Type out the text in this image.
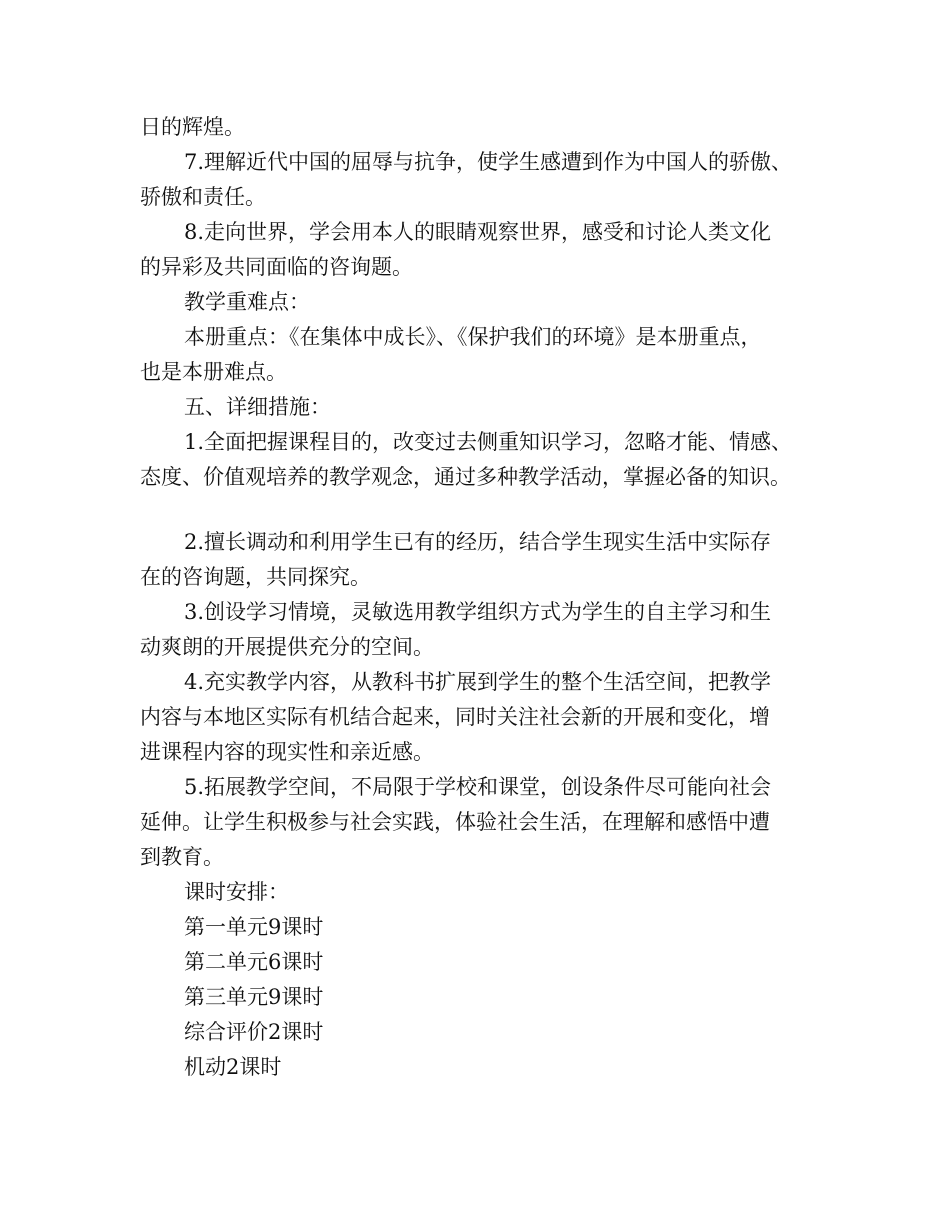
日的辉煌。
7.理解近代中国的屈辱与抗争，使学生感遭到作为中国人的骄傲、
骄傲和责任。
8.走向世界，学会用本人的眼睛观察世界，感受和讨论人类文化
的异彩及共同面临的咨询题。
教学重难点：
本册重点：《在集体中成长》、《保护我们的环境》是本册重点，
也是本册难点。
五、详细措施：
1.全面把握课程目的，改变过去侧重知识学习，忽略才能、情感、
态度、价值观培养的教学观念，通过多种教学活动，掌握必备的知识。
2.擅长调动和利用学生已有的经历，结合学生现实生活中实际存
在的咨询题，共同探究。
3.创设学习情境，灵敏选用教学组织方式为学生的自主学习和生
动爽朗的开展提供充分的空间。
4.充实教学内容，从教科书扩展到学生的整个生活空间，把教学
内容与本地区实际有机结合起来，同时关注社会新的开展和变化，增
进课程内容的现实性和亲近感。
5.拓展教学空间，不局限于学校和课堂，创设条件尽可能向社会
延伸。让学生积极参与社会实践，体验社会生活，在理解和感悟中遭
到教育。
课时安排：
第一单元9课时
第二单元6课时
第三单元9课时
综合评价2课时
机动2课时
